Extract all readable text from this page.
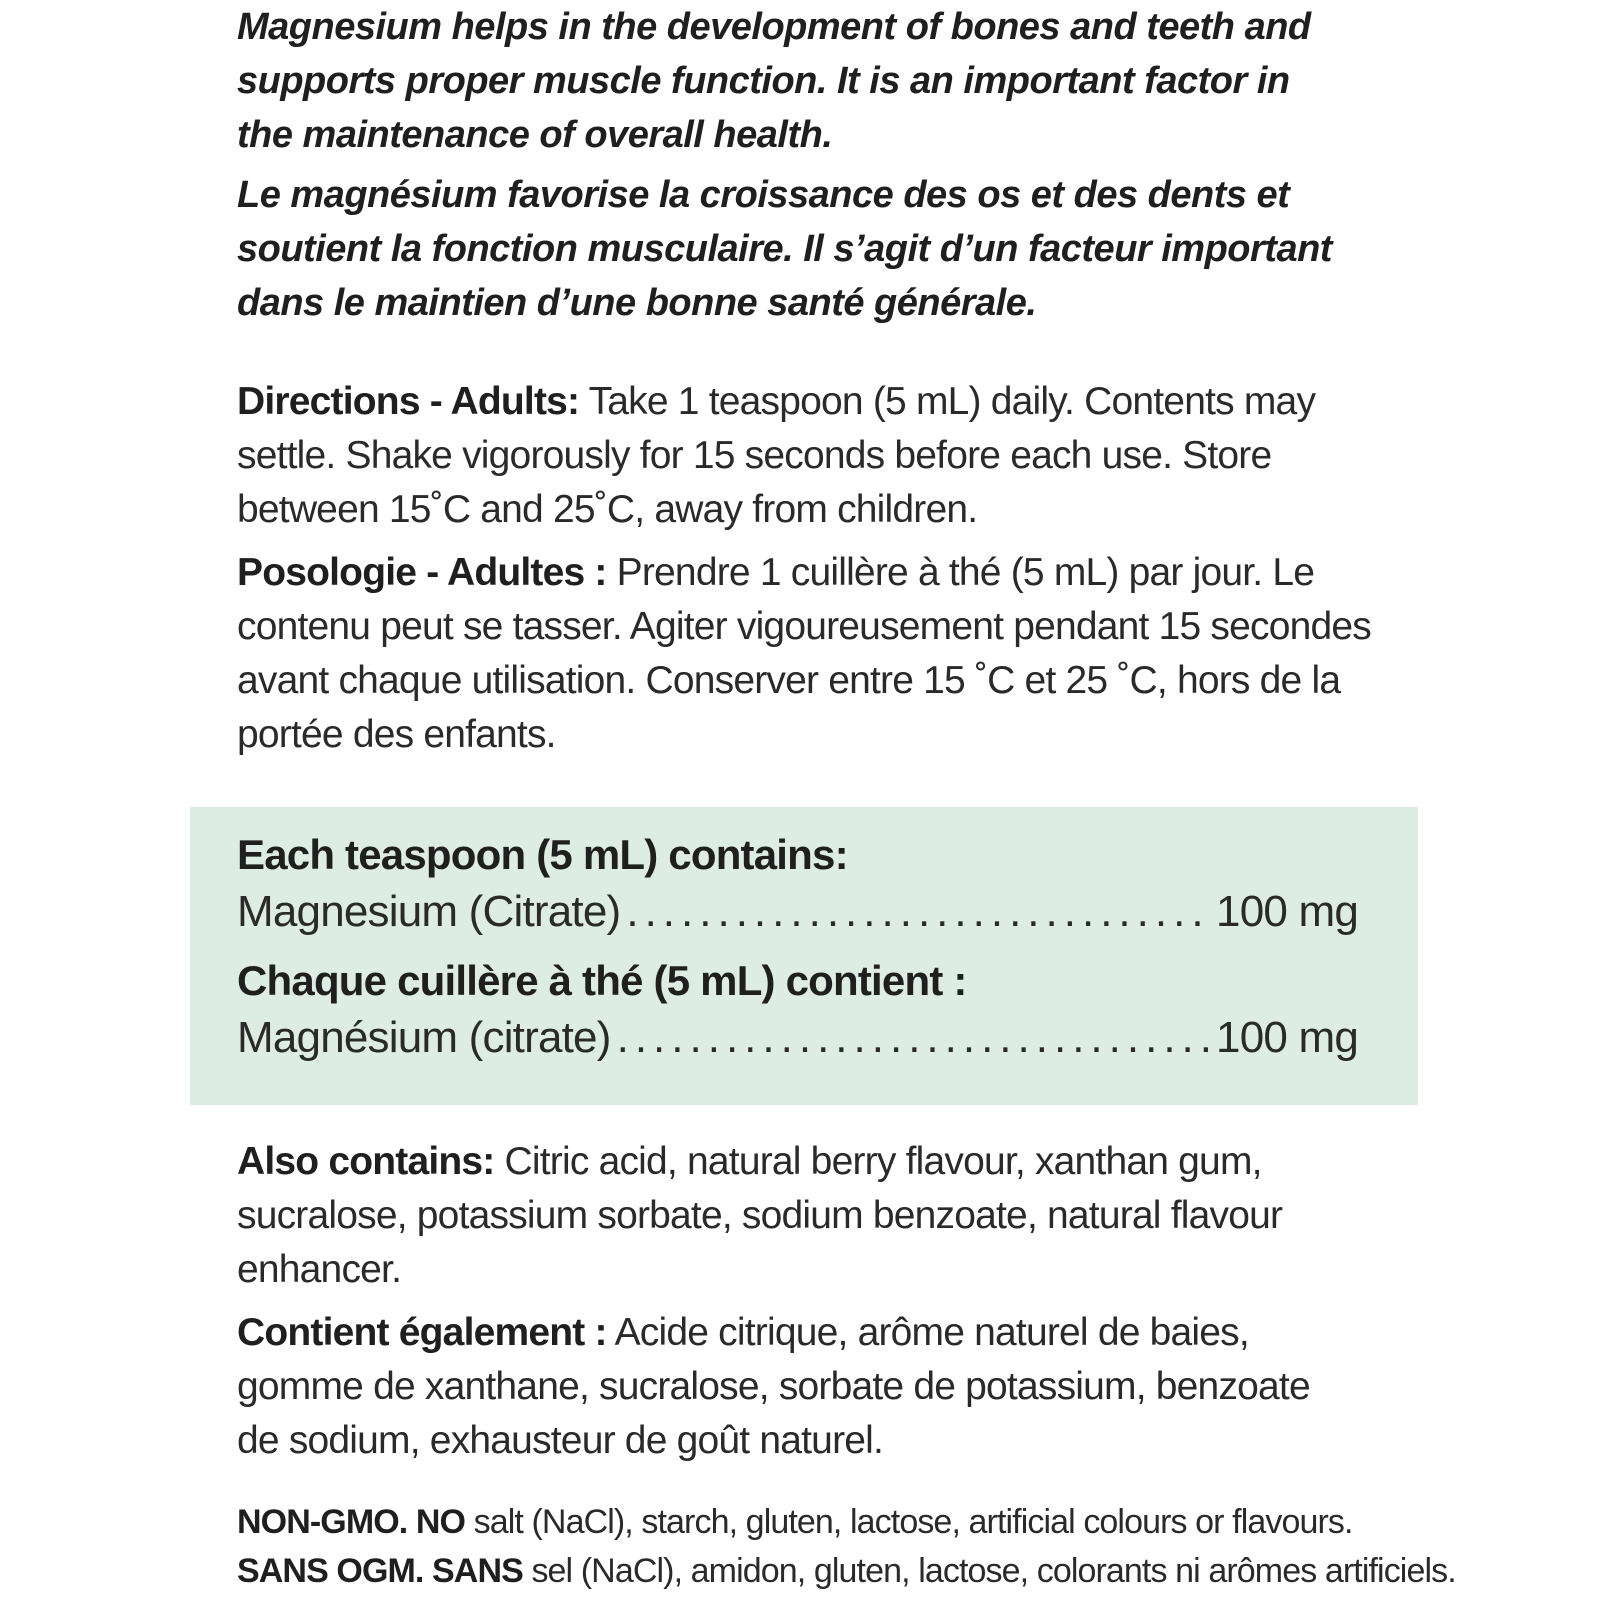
Magnesium helps in the development of bones and teeth and

supports proper muscle function. It is an important factor in

the maintenance of overall health.

Le magnésium favorise la croissance des os et des dents et

soutient la fonction musculaire. Il s’agit d’un facteur important

dans le maintien d’une bonne santé générale.

Directions - Adults: Take 1 teaspoon (5 mL) daily. Contents may

settle. Shake vigorously for 15 seconds before each use. Store

between 15˚C and 25˚C, away from children.

Posologie - Adultes : Prendre 1 cuillère à thé (5 mL) par jour. Le

contenu peut se tasser. Agiter vigoureusement pendant 15 secondes

avant chaque utilisation. Conserver entre 15 ˚C et 25 ˚C, hors de la

portée des enfants.

Each teaspoon (5 mL) contains:

Magnesium (Citrate) .....	100 mg

Chaque cuillère à thé (5 mL) contient :

Magnésium (citrate) .....	100 mg

Also contains: Citric acid, natural berry flavour, xanthan gum,

sucralose, potassium sorbate, sodium benzoate, natural flavour

enhancer.

Contient également : Acide citrique, arôme naturel de baies,

gomme de xanthane, sucralose, sorbate de potassium, benzoate

de sodium, exhausteur de goût naturel.

NON-GMO. NO salt (NaCl), starch, gluten, lactose, artificial colours or flavours.

SANS OGM. SANS sel (NaCl), amidon, gluten, lactose, colorants ni arômes artificiels.
